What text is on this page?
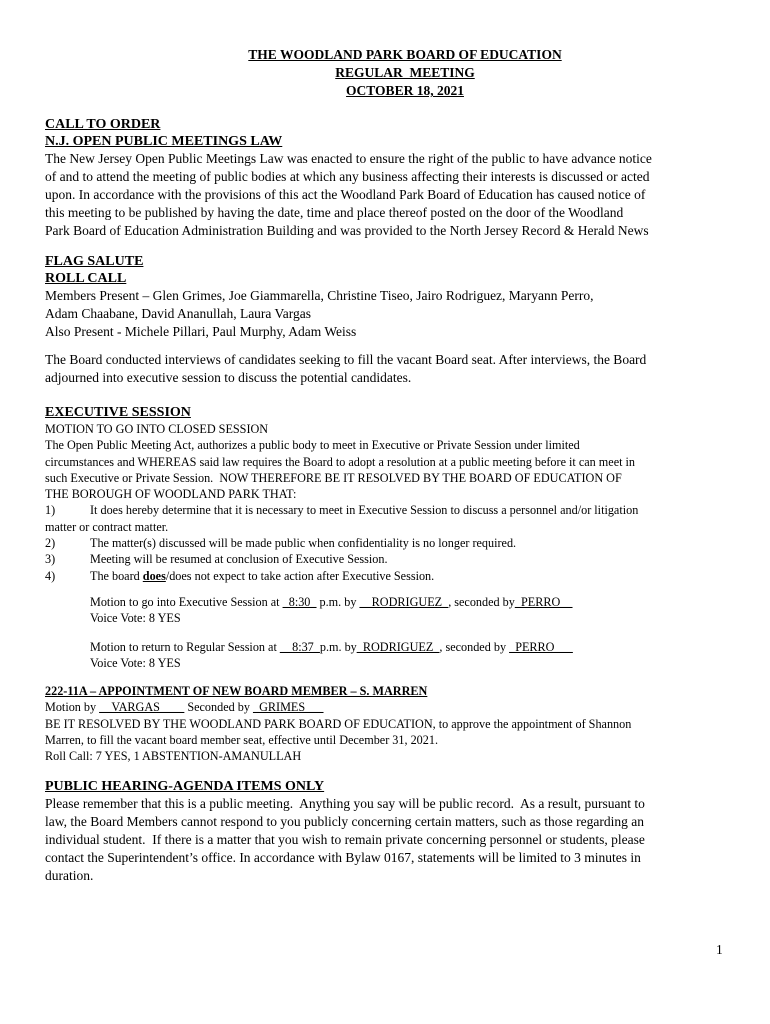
THE WOODLAND PARK BOARD OF EDUCATION
REGULAR  MEETING
OCTOBER 18, 2021
CALL TO ORDER
N.J. OPEN PUBLIC MEETINGS LAW

The New Jersey Open Public Meetings Law was enacted to ensure the right of the public to have advance notice

of and to attend the meeting of public bodies at which any business affecting their interests is discussed or acted

upon. In accordance with the provisions of this act the Woodland Park Board of Education has caused notice of

this meeting to be published by having the date, time and place thereof posted on the door of the Woodland

Park Board of Education Administration Building and was provided to the North Jersey Record & Herald News

FLAG SALUTE
ROLL CALL

Members Present – Glen Grimes, Joe Giammarella, Christine Tiseo, Jairo Rodriguez, Maryann Perro,

Adam Chaabane, David Ananullah, Laura Vargas

Also Present - Michele Pillari, Paul Murphy, Adam Weiss

The Board conducted interviews of candidates seeking to fill the vacant Board seat. After interviews, the Board

adjourned into executive session to discuss the potential candidates.

EXECUTIVE SESSION

MOTION TO GO INTO CLOSED SESSION

The Open Public Meeting Act, authorizes a public body to meet in Executive or Private Session under limited

circumstances and WHEREAS said law requires the Board to adopt a resolution at a public meeting before it can meet in

such Executive or Private Session.  NOW THEREFORE BE IT RESOLVED BY THE BOARD OF EDUCATION OF

THE BOROUGH OF WOODLAND PARK THAT:

1)	It does hereby determine that it is necessary to meet in Executive Session to discuss a personnel and/or litigation

matter or contract matter.

2)	The matter(s) discussed will be made public when confidentiality is no longer required.
3)	Meeting will be resumed at conclusion of Executive Session.
4)	The board does/does not expect to take action after Executive Session.
Motion to go into Executive Session at _8:30_ p.m. by __RODRIGUEZ_, seconded by_PERRO__
Voice Vote: 8 YES
Motion to return to Regular Session at __8:37_p.m. by_RODRIGUEZ_, seconded by _PERRO___
Voice Vote: 8 YES
222-11A – APPOINTMENT OF NEW BOARD MEMBER – S. MARREN
Motion by __VARGAS____ Seconded by _GRIMES___

BE IT RESOLVED BY THE WOODLAND PARK BOARD OF EDUCATION, to approve the appointment of Shannon

Marren, to fill the vacant board member seat, effective until December 31, 2021.

Roll Call: 7 YES, 1 ABSTENTION-AMANULLAH

PUBLIC HEARING-AGENDA ITEMS ONLY

Please remember that this is a public meeting.  Anything you say will be public record.  As a result, pursuant to

law, the Board Members cannot respond to you publicly concerning certain matters, such as those regarding an

individual student.  If there is a matter that you wish to remain private concerning personnel or students, please

contact the Superintendent’s office. In accordance with Bylaw 0167, statements will be limited to 3 minutes in

duration.

1
